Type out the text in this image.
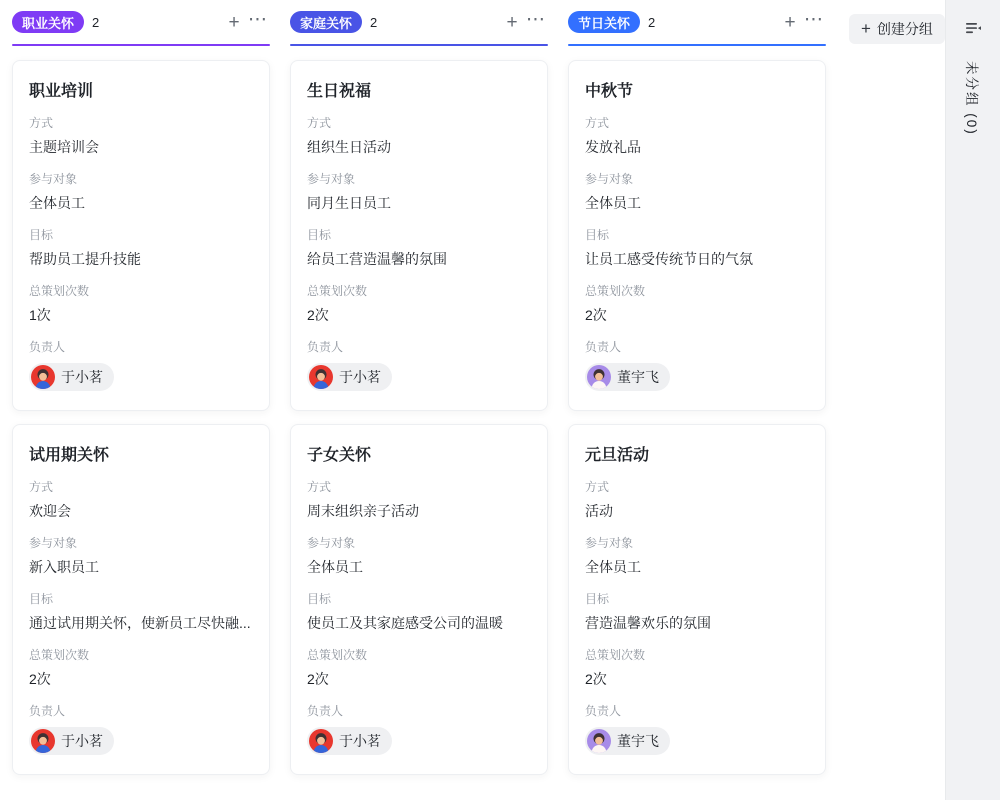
职业关怀	2	+ ⋯
职业培训
方式
主题培训会
参与对象
全体员工
目标
帮助员工提升技能
总策划次数
1次
负责人
于小茗
试用期关怀
方式
欢迎会
参与对象
新入职员工
目标
通过试用期关怀，使新员工尽快融...
总策划次数
2次
负责人
于小茗
家庭关怀	2	+ ⋯
生日祝福
方式
组织生日活动
参与对象
同月生日员工
目标
给员工营造温馨的氛围
总策划次数
2次
负责人
于小茗
子女关怀
方式
周末组织亲子活动
参与对象
全体员工
目标
使员工及其家庭感受公司的温暖
总策划次数
2次
负责人
于小茗
节日关怀	2	+ ⋯
中秋节
方式
发放礼品
参与对象
全体员工
目标
让员工感受传统节日的气氛
总策划次数
2次
负责人
董宇飞
元旦活动
方式
活动
参与对象
全体员工
目标
营造温馨欢乐的氛围
总策划次数
2次
负责人
董宇飞
+ 创建分组
未分组 (0)
